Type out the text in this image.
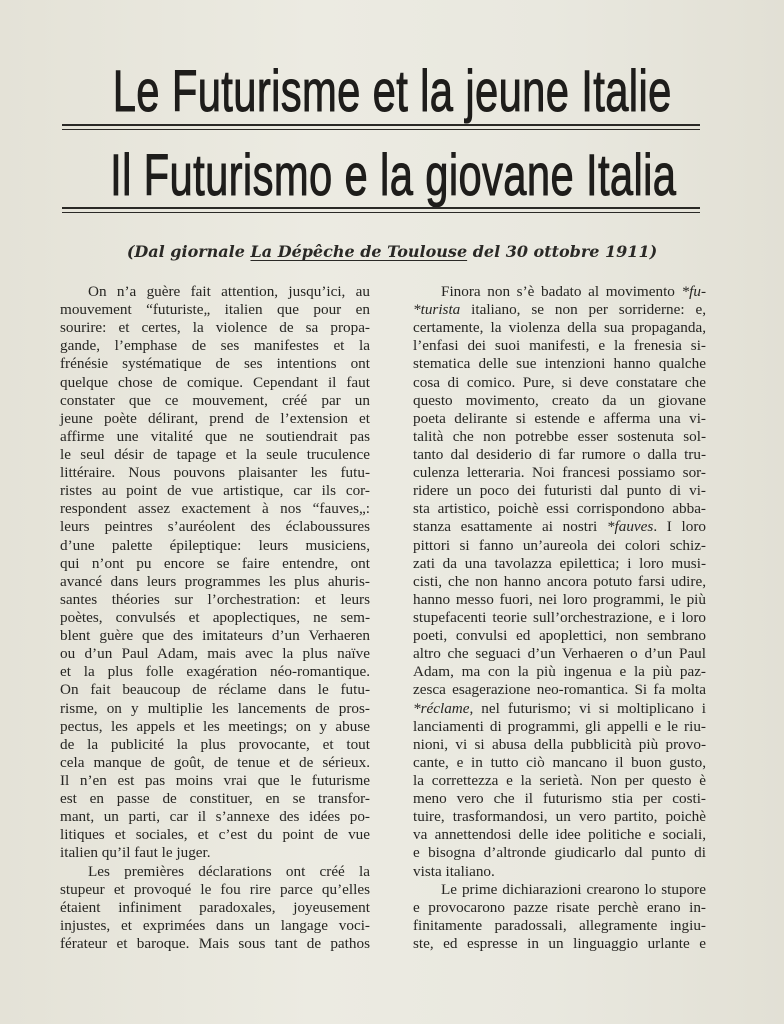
Le Futurisme et la jeune Italie
Il Futurismo e la giovane Italia
(Dal giornale La Dépêche de Toulouse del 30 ottobre 1911)
On n’a guère fait attention, jusqu’ici, au
mouvement “futuriste„ italien que pour en
sourire: et certes, la violence de sa propa-
gande, l’emphase de ses manifestes et la
frénésie systématique de ses intentions ont
quelque chose de comique. Cependant il faut
constater que ce mouvement, créé par un
jeune poète délirant, prend de l’extension et
affirme une vitalité que ne soutiendrait pas
le seul désir de tapage et la seule truculence
littéraire. Nous pouvons plaisanter les futu-
ristes au point de vue artistique, car ils cor-
respondent assez exactement à nos “fauves„:
leurs peintres s’auréolent des éclaboussures
d’une palette épileptique: leurs musiciens,
qui n’ont pu encore se faire entendre, ont
avancé dans leurs programmes les plus ahuris-
santes théories sur l’orchestration: et leurs
poètes, convulsés et apoplectiques, ne sem-
blent guère que des imitateurs d’un Verhaeren
ou d’un Paul Adam, mais avec la plus naïve
et la plus folle exagération néo-romantique.
On fait beaucoup de réclame dans le futu-
risme, on y multiplie les lancements de pros-
pectus, les appels et les meetings; on y abuse
de la publicité la plus provocante, et tout
cela manque de goût, de tenue et de sérieux.
Il n’en est pas moins vrai que le futurisme
est en passe de constituer, en se transfor-
mant, un parti, car il s’annexe des idées po-
litiques et sociales, et c’est du point de vue
italien qu’il faut le juger.
Les premières déclarations ont créé la
stupeur et provoqué le fou rire parce qu’elles
étaient infiniment paradoxales, joyeusement
injustes, et exprimées dans un langage voci-
férateur et baroque. Mais sous tant de pathos
Finora non s’è badato al movimento *fu-
*turista italiano, se non per sorriderne: e,
certamente, la violenza della sua propaganda,
l’enfasi dei suoi manifesti, e la frenesia si-
stematica delle sue intenzioni hanno qualche
cosa di comico. Pure, si deve constatare che
questo movimento, creato da un giovane
poeta delirante si estende e afferma una vi-
talità che non potrebbe esser sostenuta sol-
tanto dal desiderio di far rumore o dalla tru-
culenza letteraria. Noi francesi possiamo sor-
ridere un poco dei futuristi dal punto di vi-
sta artistico, poichè essi corrispondono abba-
stanza esattamente ai nostri *fauves. I loro
pittori si fanno un’aureola dei colori schiz-
zati da una tavolazza epilettica; i loro musi-
cisti, che non hanno ancora potuto farsi udire,
hanno messo fuori, nei loro programmi, le più
stupefacenti teorie sull’orchestrazione, e i loro
poeti, convulsi ed apoplettici, non sembrano
altro che seguaci d’un Verhaeren o d’un Paul
Adam, ma con la più ingenua e la più paz-
zesca esagerazione neo-romantica. Si fa molta
*réclame, nel futurismo; vi si moltiplicano i
lanciamenti di programmi, gli appelli e le riu-
nioni, vi si abusa della pubblicità più provo-
cante, e in tutto ciò mancano il buon gusto,
la correttezza e la serietà. Non per questo è
meno vero che il futurismo stia per costi-
tuire, trasformandosi, un vero partito, poichè
va annettendosi delle idee politiche e sociali,
e bisogna d’altronde giudicarlo dal punto di
vista italiano.
Le prime dichiarazioni crearono lo stupore
e provocarono pazze risate perchè erano in-
finitamente paradossali, allegramente ingiu-
ste, ed espresse in un linguaggio urlante e
